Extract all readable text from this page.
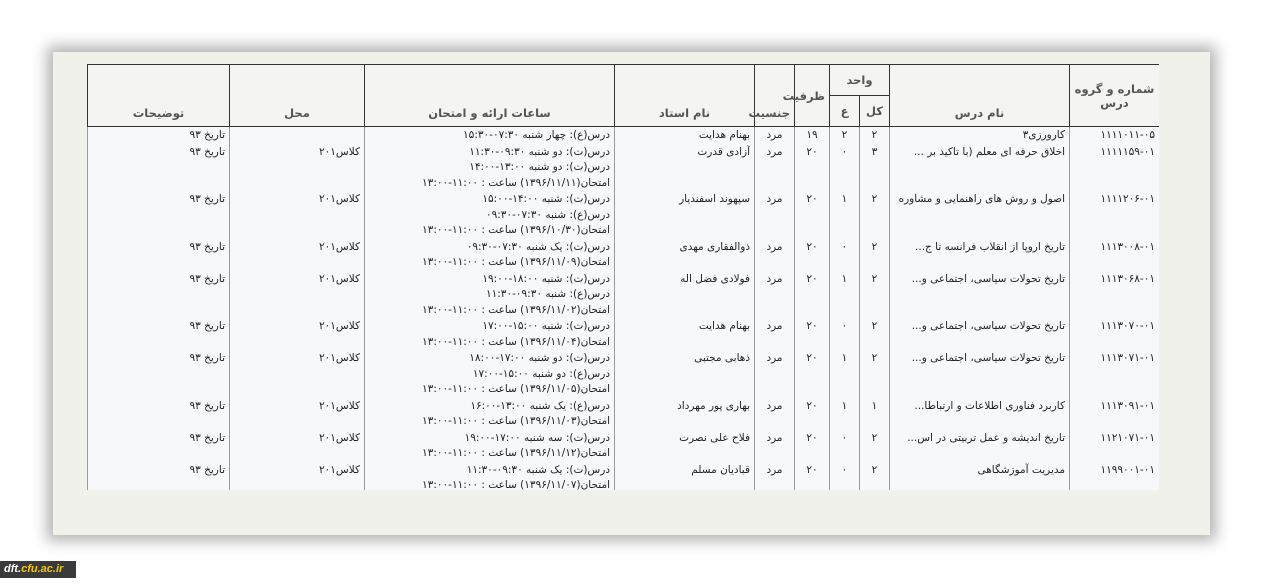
شماره و گروه درس	نام درس	واحد		ظرفیت	جنسیت	نام استاد	ساعات ارائه و امتحان	محل	توضیحات
		کل	ع						
۱۱۱۱۰۱۱-۰۵	کارورزی۳	۲	۲	۱۹	مرد	بهنام هدایت	درس(ع): چهار شنبه ۰۷:۳۰-۱۵:۳۰		تاریخ ۹۳
۱۱۱۱۱۵۹-۰۱	اخلاق حرفه ای معلم (با تاکید بر ...	۳	۰	۲۰	مرد	آزادی قدرت	درس(ت): دو شنبه ۰۹:۳۰-۱۱:۳۰
درس(ت): دو شنبه ۱۳:۰۰-۱۴:۰۰
امتحان(۱۳۹۶/۱۱/۱۱) ساعت : ۱۱:۰۰-۱۳:۰۰	کلاس۲۰۱	تاریخ ۹۳
۱۱۱۱۲۰۶-۰۱	اصول و روش های راهنمایی و مشاوره	۲	۱	۲۰	مرد	سپهوند اسفندیار	درس(ت): شنبه ۱۴:۰۰-۱۵:۰۰
درس(ع): شنبه ۰۷:۳۰-۰۹:۳۰
امتحان(۱۳۹۶/۱۰/۳۰) ساعت : ۱۱:۰۰-۱۳:۰۰	کلاس۲۰۱	تاریخ ۹۳
۱۱۱۳۰۰۸-۰۱	تاریخ اروپا از انقلاب فرانسه تا ج...	۲	۰	۲۰	مرد	ذوالفقاری مهدی	درس(ت): یک شنبه ۰۷:۳۰-۰۹:۳۰
امتحان(۱۳۹۶/۱۱/۰۹) ساعت : ۱۱:۰۰-۱۳:۰۰	کلاس۲۰۱	تاریخ ۹۳
۱۱۱۳۰۶۸-۰۱	تاریخ تحولات سیاسی، اجتماعی و...	۲	۱	۲۰	مرد	فولادی فضل اله	درس(ت): شنبه ۱۸:۰۰-۱۹:۰۰
درس(ع): شنبه ۰۹:۳۰-۱۱:۳۰
امتحان(۱۳۹۶/۱۱/۰۲) ساعت : ۱۱:۰۰-۱۳:۰۰	کلاس۲۰۱	تاریخ ۹۳
۱۱۱۳۰۷۰-۰۱	تاریخ تحولات سیاسی، اجتماعی و...	۲	۰	۲۰	مرد	بهنام هدایت	درس(ت): شنبه ۱۵:۰۰-۱۷:۰۰
امتحان(۱۳۹۶/۱۱/۰۴) ساعت : ۱۱:۰۰-۱۳:۰۰	کلاس۲۰۱	تاریخ ۹۳
۱۱۱۳۰۷۱-۰۱	تاریخ تحولات سیاسی، اجتماعی و...	۲	۱	۲۰	مرد	ذهابی مجتبی	درس(ت): دو شنبه ۱۷:۰۰-۱۸:۰۰
درس(ع): دو شنبه ۱۵:۰۰-۱۷:۰۰
امتحان(۱۳۹۶/۱۱/۰۵) ساعت : ۱۱:۰۰-۱۳:۰۰	کلاس۲۰۱	تاریخ ۹۳
۱۱۱۳۰۹۱-۰۱	کاربرد فناوری اطلاعات و ارتباطا...	۱	۱	۲۰	مرد	بهاری پور مهرداد	درس(ع): یک شنبه ۱۳:۰۰-۱۶:۰۰
امتحان(۱۳۹۶/۱۱/۰۳) ساعت : ۱۱:۰۰-۱۳:۰۰	کلاس۲۰۱	تاریخ ۹۳
۱۱۲۱۰۷۱-۰۱	تاریخ اندیشه و عمل تربیتی در اس...	۲	۰	۲۰	مرد	فلاح علی نصرت	درس(ت): سه شنبه ۱۷:۰۰-۱۹:۰۰
امتحان(۱۳۹۶/۱۱/۱۲) ساعت : ۱۱:۰۰-۱۳:۰۰	کلاس۲۰۱	تاریخ ۹۳
۱۱۹۹۰۰۱-۰۱	مدیریت آموزشگاهی	۲	۰	۲۰	مرد	قبادیان مسلم	درس(ت): یک شنبه ۰۹:۳۰-۱۱:۳۰
امتحان(۱۳۹۶/۱۱/۰۷) ساعت : ۱۱:۰۰-۱۳:۰۰	کلاس۲۰۱	تاریخ ۹۳
dft.cfu.ac.ir
